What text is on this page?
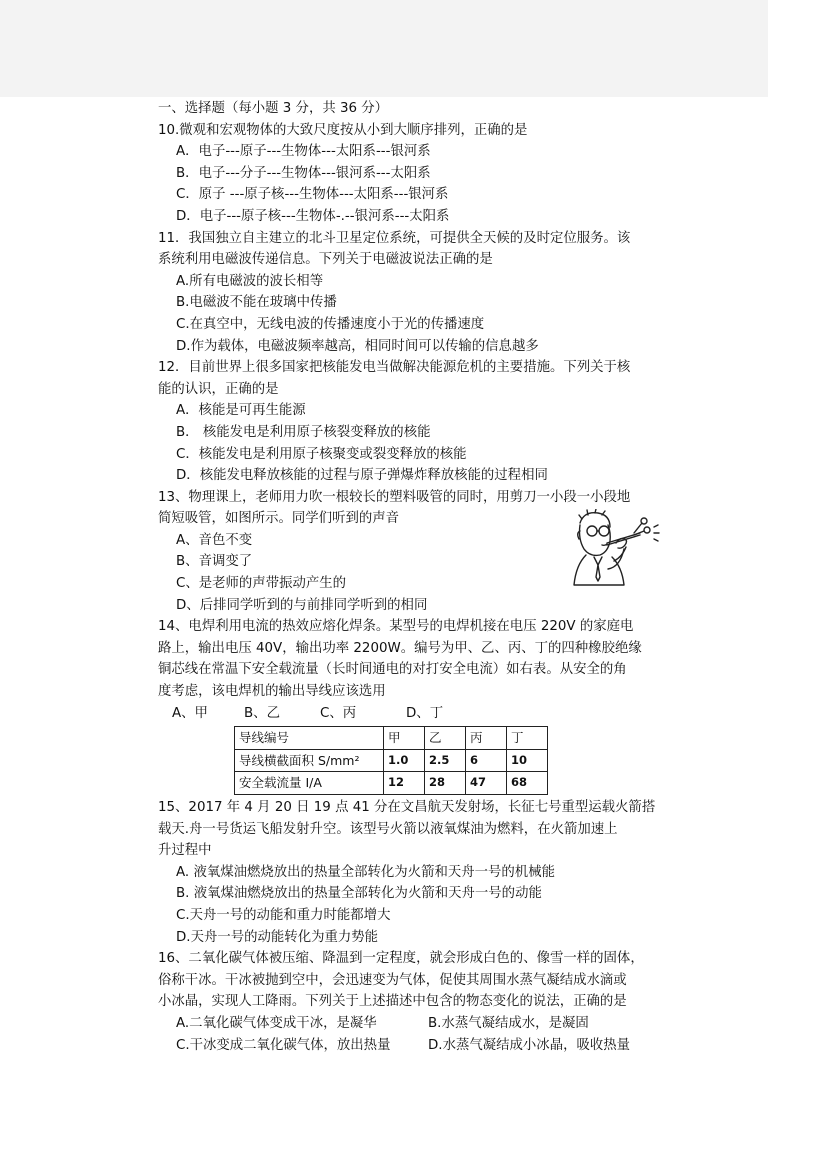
一、选择题（每小题 3 分，共 36 分）
10.微观和宏观物体的大致尺度按从小到大顺序排列，正确的是
A．电子---原子---生物体---太阳系---银河系
B．电子---分子---生物体---银河系---太阳系
C．原子 ---原子核---生物体---太阳系---银河系
D．电子---原子核---生物体-.--银河系---太阳系
11．我国独立自主建立的北斗卫星定位系统，可提供全天候的及时定位服务。该
系统利用电磁波传递信息。下列关于电磁波说法正确的是
A.所有电磁波的波长相等
B.电磁波不能在玻璃中传播
C.在真空中，无线电波的传播速度小于光的传播速度
D.作为载体，电磁波频率越高，相同时间可以传输的信息越多
12．目前世界上很多国家把核能发电当做解决能源危机的主要措施。下列关于核
能的认识，正确的是
A．核能是可再生能源
B． 核能发电是利用原子核裂变释放的核能
C．核能发电是利用原子核聚变或裂变释放的核能
D．核能发电释放核能的过程与原子弹爆炸释放核能的过程相同
13、物理课上，老师用力吹一根较长的塑料吸管的同时，用剪刀一小段一小段地
简短吸管，如图所示。同学们听到的声音
A、音色不变
B、音调变了
C、是老师的声带振动产生的
D、后排同学听到的与前排同学听到的相同
14、电焊利用电流的热效应熔化焊条。某型号的电焊机接在电压 220V 的家庭电
路上，输出电压 40V，输出功率 2200W。编号为甲、乙、丙、丁的四种橡胶绝缘
铜芯线在常温下安全载流量（长时间通电的对打安全电流）如右表。从安全的角
度考虑，该电焊机的输出导线应该选用
A、甲	B、乙	C、丙	D、丁
导线编号	甲	乙	丙	丁
导线横截面积 S/mm²	1.0	2.5	6	10
安全载流量 I/A	12	28	47	68
15、2017 年 4 月 20 日 19 点 41 分在文昌航天发射场，长征七号重型运载火箭搭
载天.舟一号货运飞船发射升空。该型号火箭以液氧煤油为燃料，在火箭加速上
升过程中
A. 液氧煤油燃烧放出的热量全部转化为火箭和天舟一号的机械能
B. 液氧煤油燃烧放出的热量全部转化为火箭和天舟一号的动能
C.天舟一号的动能和重力时能都增大
D.天舟一号的动能转化为重力势能
16、二氧化碳气体被压缩、降温到一定程度，就会形成白色的、像雪一样的固体，
俗称干冰。干冰被抛到空中，会迅速变为气体，促使其周围水蒸气凝结成水滴或
小冰晶，实现人工降雨。下列关于上述描述中包含的物态变化的说法，正确的是
A.二氧化碳气体变成干冰，是凝华	B.水蒸气凝结成水，是凝固
C.干冰变成二氧化碳气体，放出热量	D.水蒸气凝结成小冰晶，吸收热量
